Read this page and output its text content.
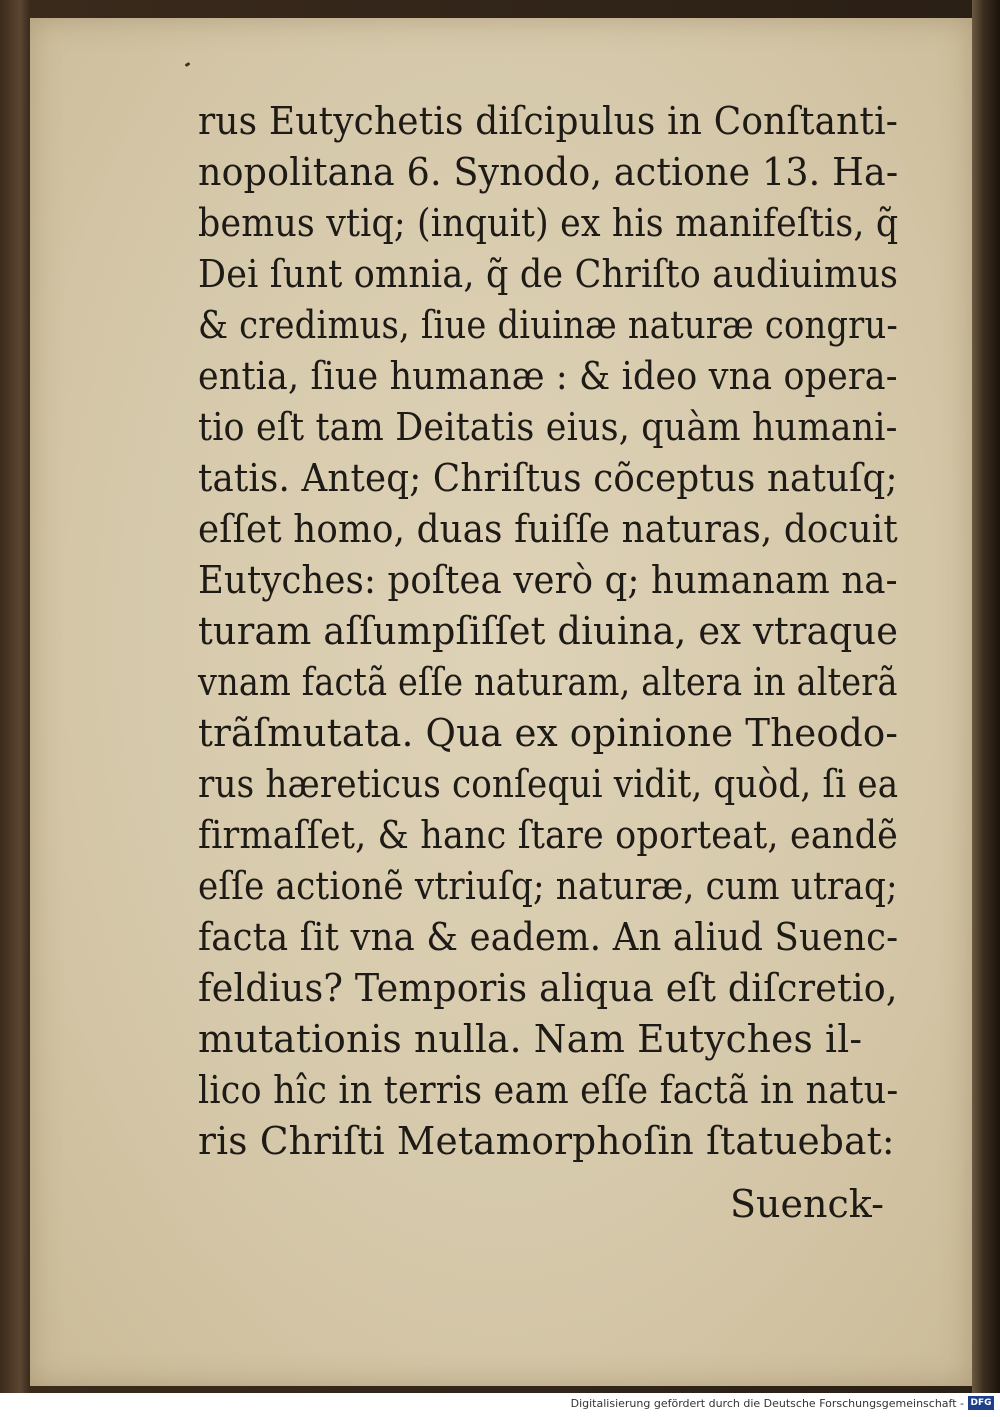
rus Eutychetis diſcipulus in Conſtanti-
nopolitana 6. Synodo, actione 13. Ha-
bemus vtiq; (inquit) ex his manifeſtis, q̃
Dei ſunt omnia, q̃ de Chriſto audiuimus
& credimus, ſiue diuinæ naturæ congru-
entia, ſiue humanæ : & ideo vna opera-
tio eſt tam Deitatis eius, quàm humani-
tatis. Anteq; Chriſtus cõceptus natuſq;
eſſet homo, duas fuiſſe naturas, docuit
Eutyches: poſtea verò q; humanam na-
turam aſſumpſiſſet diuina, ex vtraque
vnam factã eſſe naturam, altera in alterã
trãſmutata. Qua ex opinione Theodo-
rus hæreticus conſequi vidit, quòd, ſi ea
firmaſſet, & hanc ſtare oporteat, eandẽ
eſſe actionẽ vtriuſq; naturæ, cum utraq;
facta ſit vna & eadem. An aliud Suenc-
feldius? Temporis aliqua eſt diſcretio,
mutationis nulla. Nam Eutyches il-
lico hîc in terris eam eſſe factã in natu-
ris Chriſti Metamorphoſin ſtatuebat:
Suenck-
Digitalisierung gefördert durch die Deutsche Forschungsgemeinschaft - DFG
